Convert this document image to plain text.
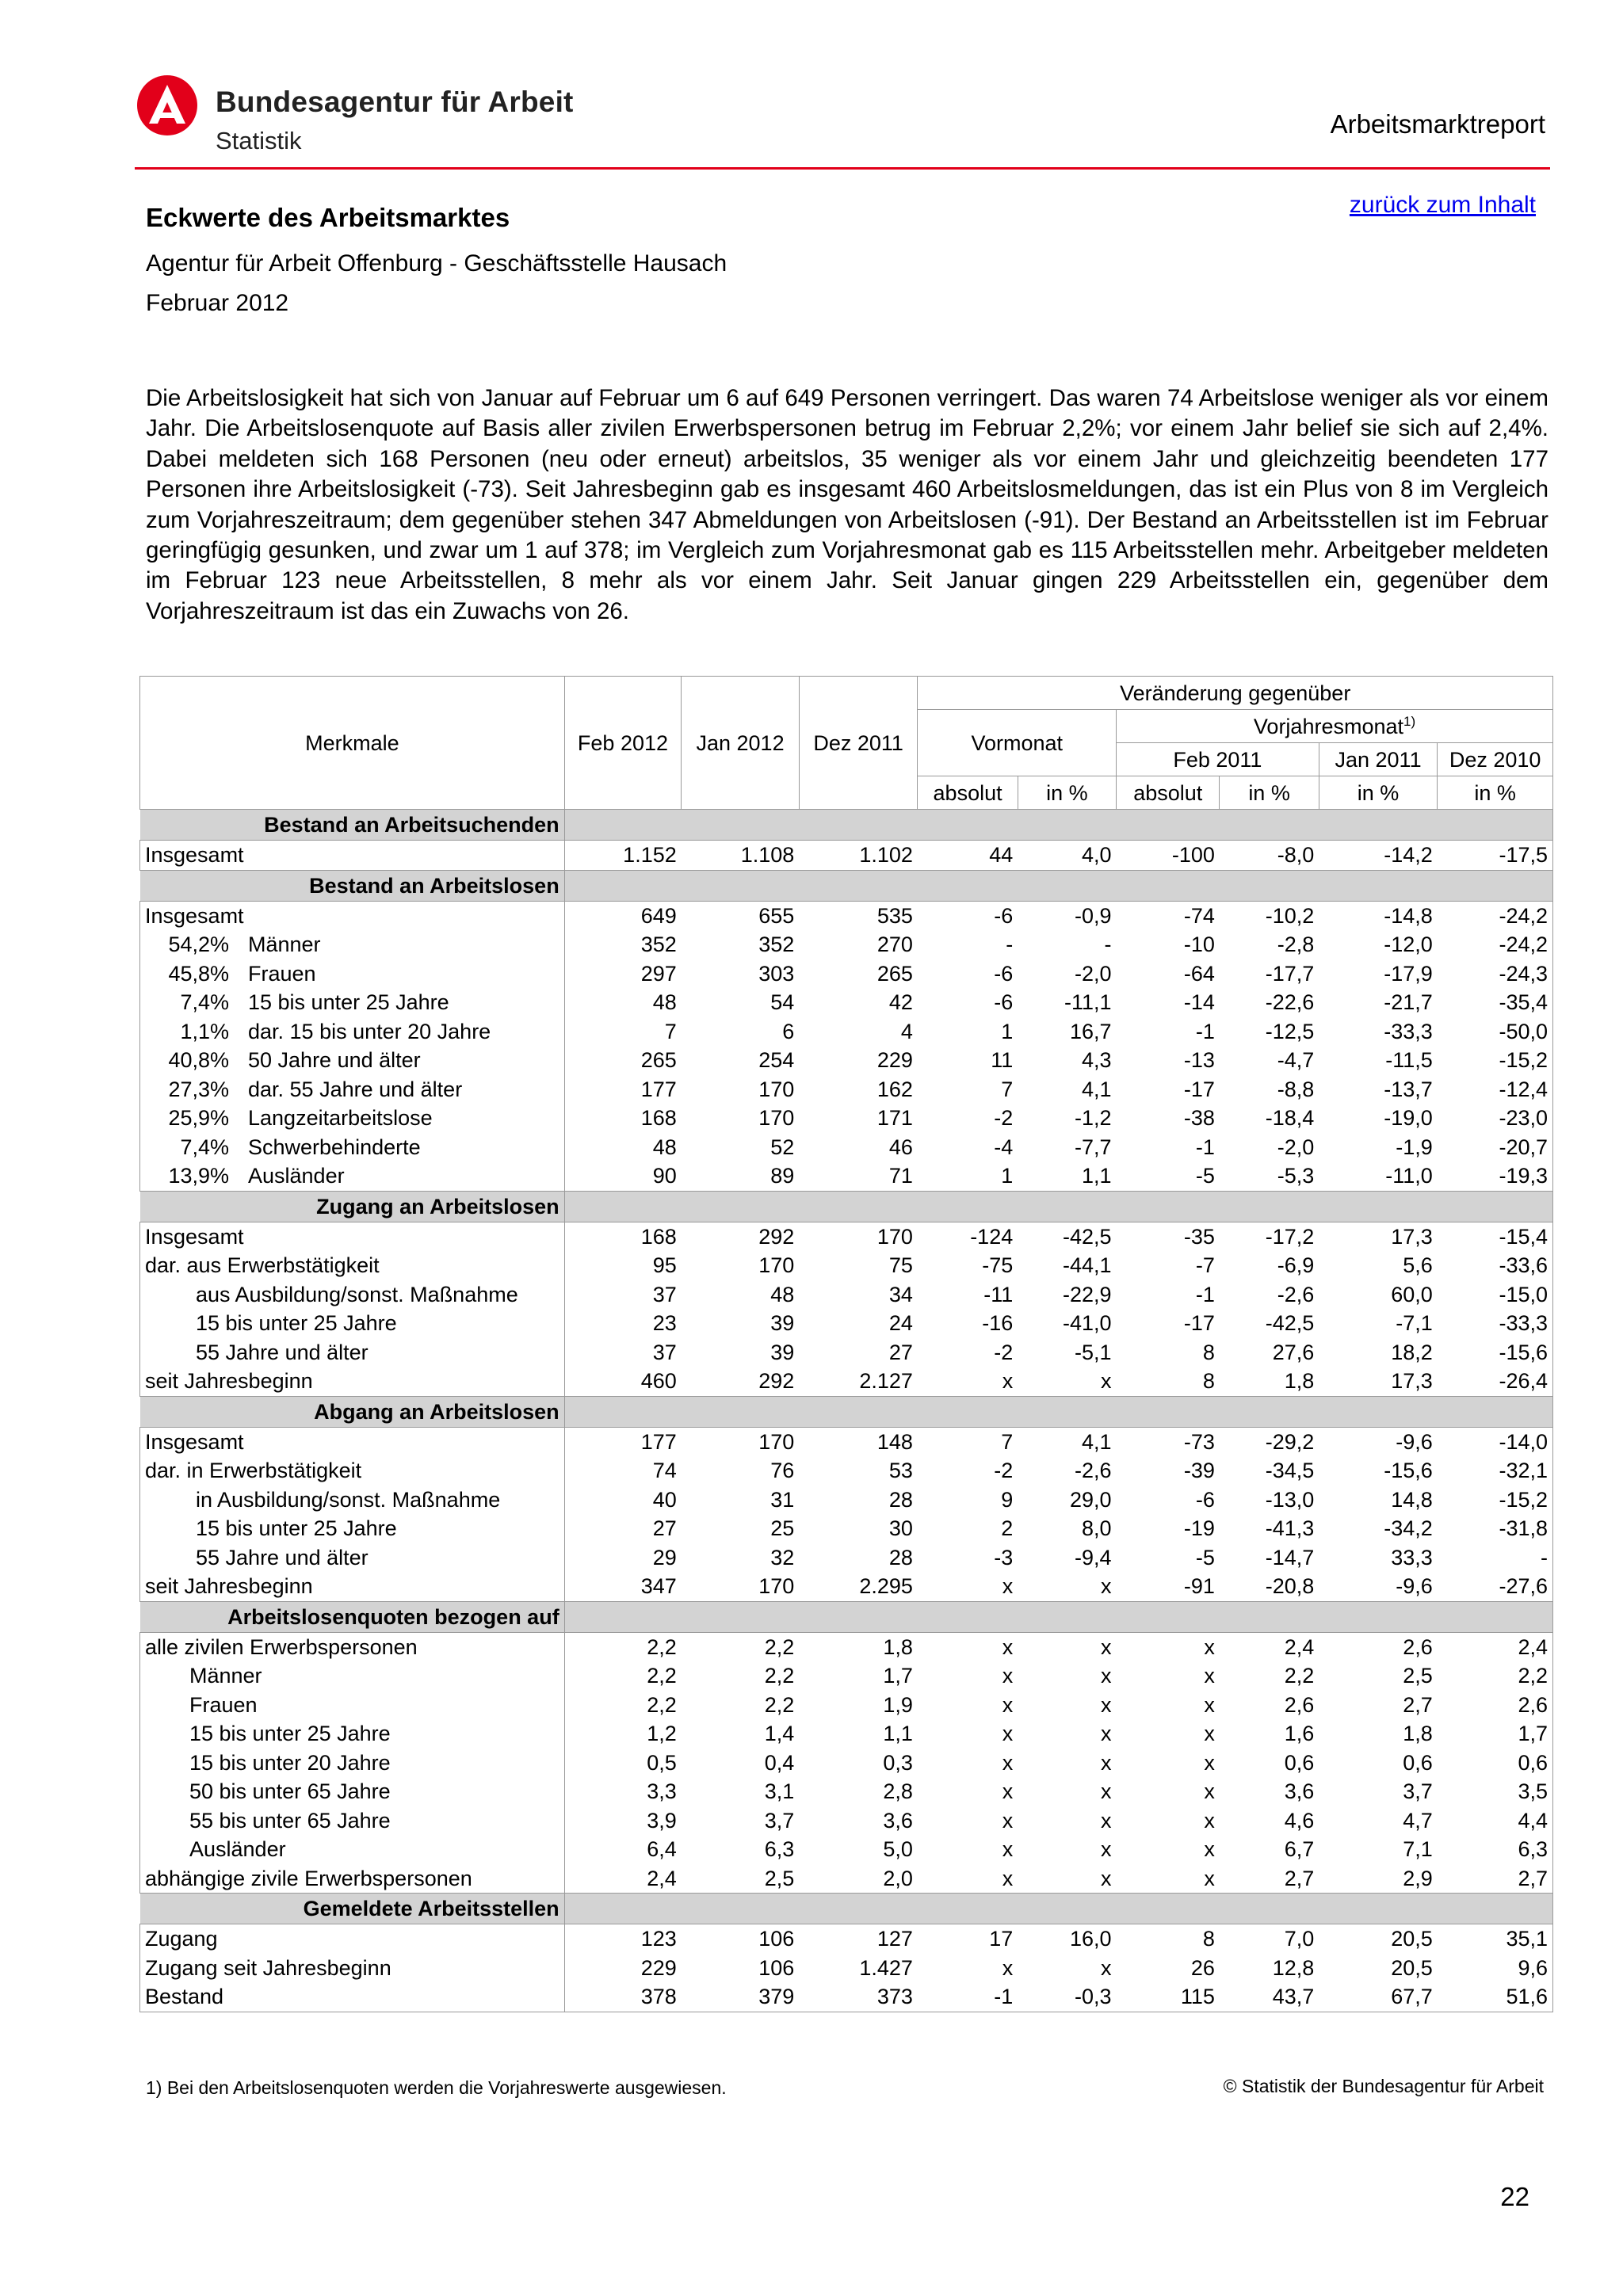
Bundesagentur für Arbeit
Statistik
Arbeitsmarktreport
zurück zum Inhalt
Eckwerte des Arbeitsmarktes
Agentur für Arbeit Offenburg - Geschäftsstelle Hausach
Februar 2012
Die Arbeitslosigkeit hat sich von Januar auf Februar um 6 auf 649 Personen verringert. Das waren 74 Arbeitslose weniger als vor einem Jahr. Die Arbeitslosenquote auf Basis aller zivilen Erwerbspersonen betrug im Februar 2,2%; vor einem Jahr belief sie sich auf 2,4%. Dabei meldeten sich 168 Personen (neu oder erneut) arbeitslos, 35 weniger als vor einem Jahr und gleichzeitig beendeten 177 Personen ihre Arbeitslosigkeit (-73). Seit Jahresbeginn gab es insgesamt 460 Arbeitslosmeldungen, das ist ein Plus von 8 im Vergleich zum Vorjahreszeitraum; dem gegenüber stehen 347 Abmeldungen von Arbeitslosen (-91). Der Bestand an Arbeitsstellen ist im Februar geringfügig gesunken, und zwar um 1 auf 378; im Vergleich zum Vorjahresmonat gab es 115 Arbeitsstellen mehr. Arbeitgeber meldeten im Februar 123 neue Arbeitsstellen, 8 mehr als vor einem Jahr. Seit Januar gingen 229 Arbeitsstellen ein, gegenüber dem Vorjahreszeitraum ist das ein Zuwachs von 26.
Merkmale	Feb 2012	Jan 2012	Dez 2011	Veränderung gegenüber					
				Vormonat		Vorjahresmonat$^{1)}$
						Feb 2011		Jan 2011	Dez 2010
				absolut	in %	absolut	in %	in %	in %
Bestand an Arbeitsuchenden									
Insgesamt	1.152	1.108	1.102	44	4,0	-100	-8,0	-14,2	-17,5
Bestand an Arbeitslosen									
Insgesamt	649	655	535	-6	-0,9	-74	-10,2	-14,8	-24,2
54,2% Männer	352	352	270	-	-	-10	-2,8	-12,0	-24,2
45,8% Frauen	297	303	265	-6	-2,0	-64	-17,7	-17,9	-24,3
7,4% 15 bis unter 25 Jahre	48	54	42	-6	-11,1	-14	-22,6	-21,7	-35,4
1,1% dar. 15 bis unter 20 Jahre	7	6	4	1	16,7	-1	-12,5	-33,3	-50,0
40,8% 50 Jahre und älter	265	254	229	11	4,3	-13	-4,7	-11,5	-15,2
27,3% dar. 55 Jahre und älter	177	170	162	7	4,1	-17	-8,8	-13,7	-12,4
25,9% Langzeitarbeitslose	168	170	171	-2	-1,2	-38	-18,4	-19,0	-23,0
7,4% Schwerbehinderte	48	52	46	-4	-7,7	-1	-2,0	-1,9	-20,7
13,9% Ausländer	90	89	71	1	1,1	-5	-5,3	-11,0	-19,3
Zugang an Arbeitslosen									
Insgesamt	168	292	170	-124	-42,5	-35	-17,2	17,3	-15,4
dar. aus Erwerbstätigkeit	95	170	75	-75	-44,1	-7	-6,9	5,6	-33,6
aus Ausbildung/sonst. Maßnahme	37	48	34	-11	-22,9	-1	-2,6	60,0	-15,0
15 bis unter 25 Jahre	23	39	24	-16	-41,0	-17	-42,5	-7,1	-33,3
55 Jahre und älter	37	39	27	-2	-5,1	8	27,6	18,2	-15,6
seit Jahresbeginn	460	292	2.127	x	x	8	1,8	17,3	-26,4
Abgang an Arbeitslosen									
Insgesamt	177	170	148	7	4,1	-73	-29,2	-9,6	-14,0
dar. in Erwerbstätigkeit	74	76	53	-2	-2,6	-39	-34,5	-15,6	-32,1
in Ausbildung/sonst. Maßnahme	40	31	28	9	29,0	-6	-13,0	14,8	-15,2
15 bis unter 25 Jahre	27	25	30	2	8,0	-19	-41,3	-34,2	-31,8
55 Jahre und älter	29	32	28	-3	-9,4	-5	-14,7	33,3	-
seit Jahresbeginn	347	170	2.295	x	x	-91	-20,8	-9,6	-27,6
Arbeitslosenquoten bezogen auf									
alle zivilen Erwerbspersonen	2,2	2,2	1,8	x	x	x	2,4	2,6	2,4
Männer	2,2	2,2	1,7	x	x	x	2,2	2,5	2,2
Frauen	2,2	2,2	1,9	x	x	x	2,6	2,7	2,6
15 bis unter 25 Jahre	1,2	1,4	1,1	x	x	x	1,6	1,8	1,7
15 bis unter 20 Jahre	0,5	0,4	0,3	x	x	x	0,6	0,6	0,6
50 bis unter 65 Jahre	3,3	3,1	2,8	x	x	x	3,6	3,7	3,5
55 bis unter 65 Jahre	3,9	3,7	3,6	x	x	x	4,6	4,7	4,4
Ausländer	6,4	6,3	5,0	x	x	x	6,7	7,1	6,3
abhängige zivile Erwerbspersonen	2,4	2,5	2,0	x	x	x	2,7	2,9	2,7
Gemeldete Arbeitsstellen									
Zugang	123	106	127	17	16,0	8	7,0	20,5	35,1
Zugang seit Jahresbeginn	229	106	1.427	x	x	26	12,8	20,5	9,6
Bestand	378	379	373	-1	-0,3	115	43,7	67,7	51,6
1) Bei den Arbeitslosenquoten werden die Vorjahreswerte ausgewiesen.	© Statistik der Bundesagentur für Arbeit
22
